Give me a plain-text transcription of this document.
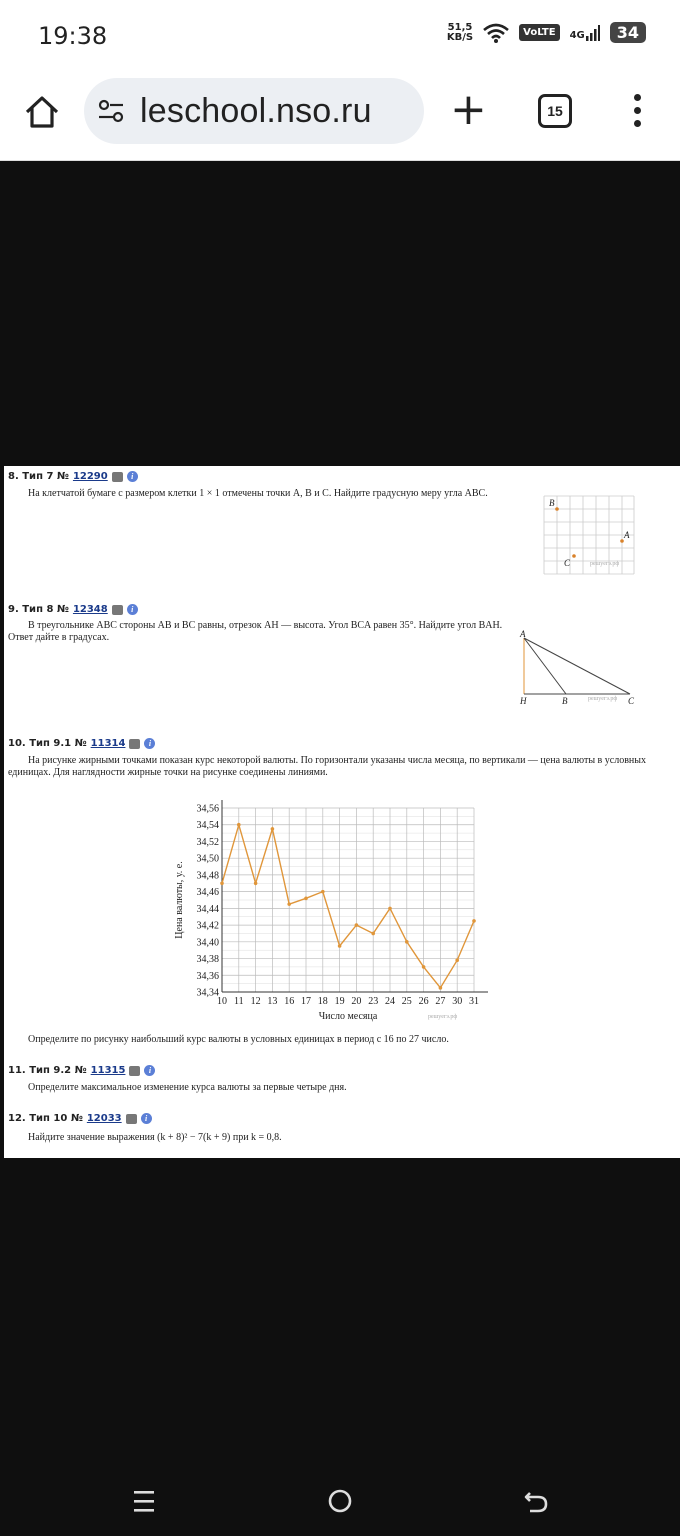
19:38	51,5
KB/S	VoLTE	4G	34
leschool.nso.ru +	15
8. Тип 7 № 12290	i
На клетчатой бумаге с размером клетки 1 × 1 отмечены точки A, B и C. Найдите градусную меру угла ABC.
B
A
C	решуегэ.рф
9. Тип 8 № 12348	i
В треугольнике ABC стороны AB и BC равны, отрезок AH — высота. Угол BCA равен 35°. Найдите угол BAH. Ответ дайте в градусах.	A
H	B	C
решуегэ.рф
10. Тип 9.1 № 11314	i
На рисунке жирными точками показан курс некоторой валюты. По горизонтали указаны числа месяца, по вертикали — цена валюты в условных единицах. Для наглядности жирные точки на рисунке соединены линиями.
34,34
34,36
34,38
34,40
34,42
34,44
34,46
34,48
34,50
34,52
34,54
34,56
10 11 12 13 16 17 18 19 20 23 24 25 26 27 30 31
Число месяца
Цена валюты, у. е.
решуегэ.рф
Определите по рисунку наибольший курс валюты в условных единицах в период с 16 по 27 число.
11. Тип 9.2 № 11315	i
Определите максимальное изменение курса валюты за первые четыре дня.
12. Тип 10 № 12033	i
Найдите значение выражения (k + 8)² − 7(k + 9) при k = 0,8.
